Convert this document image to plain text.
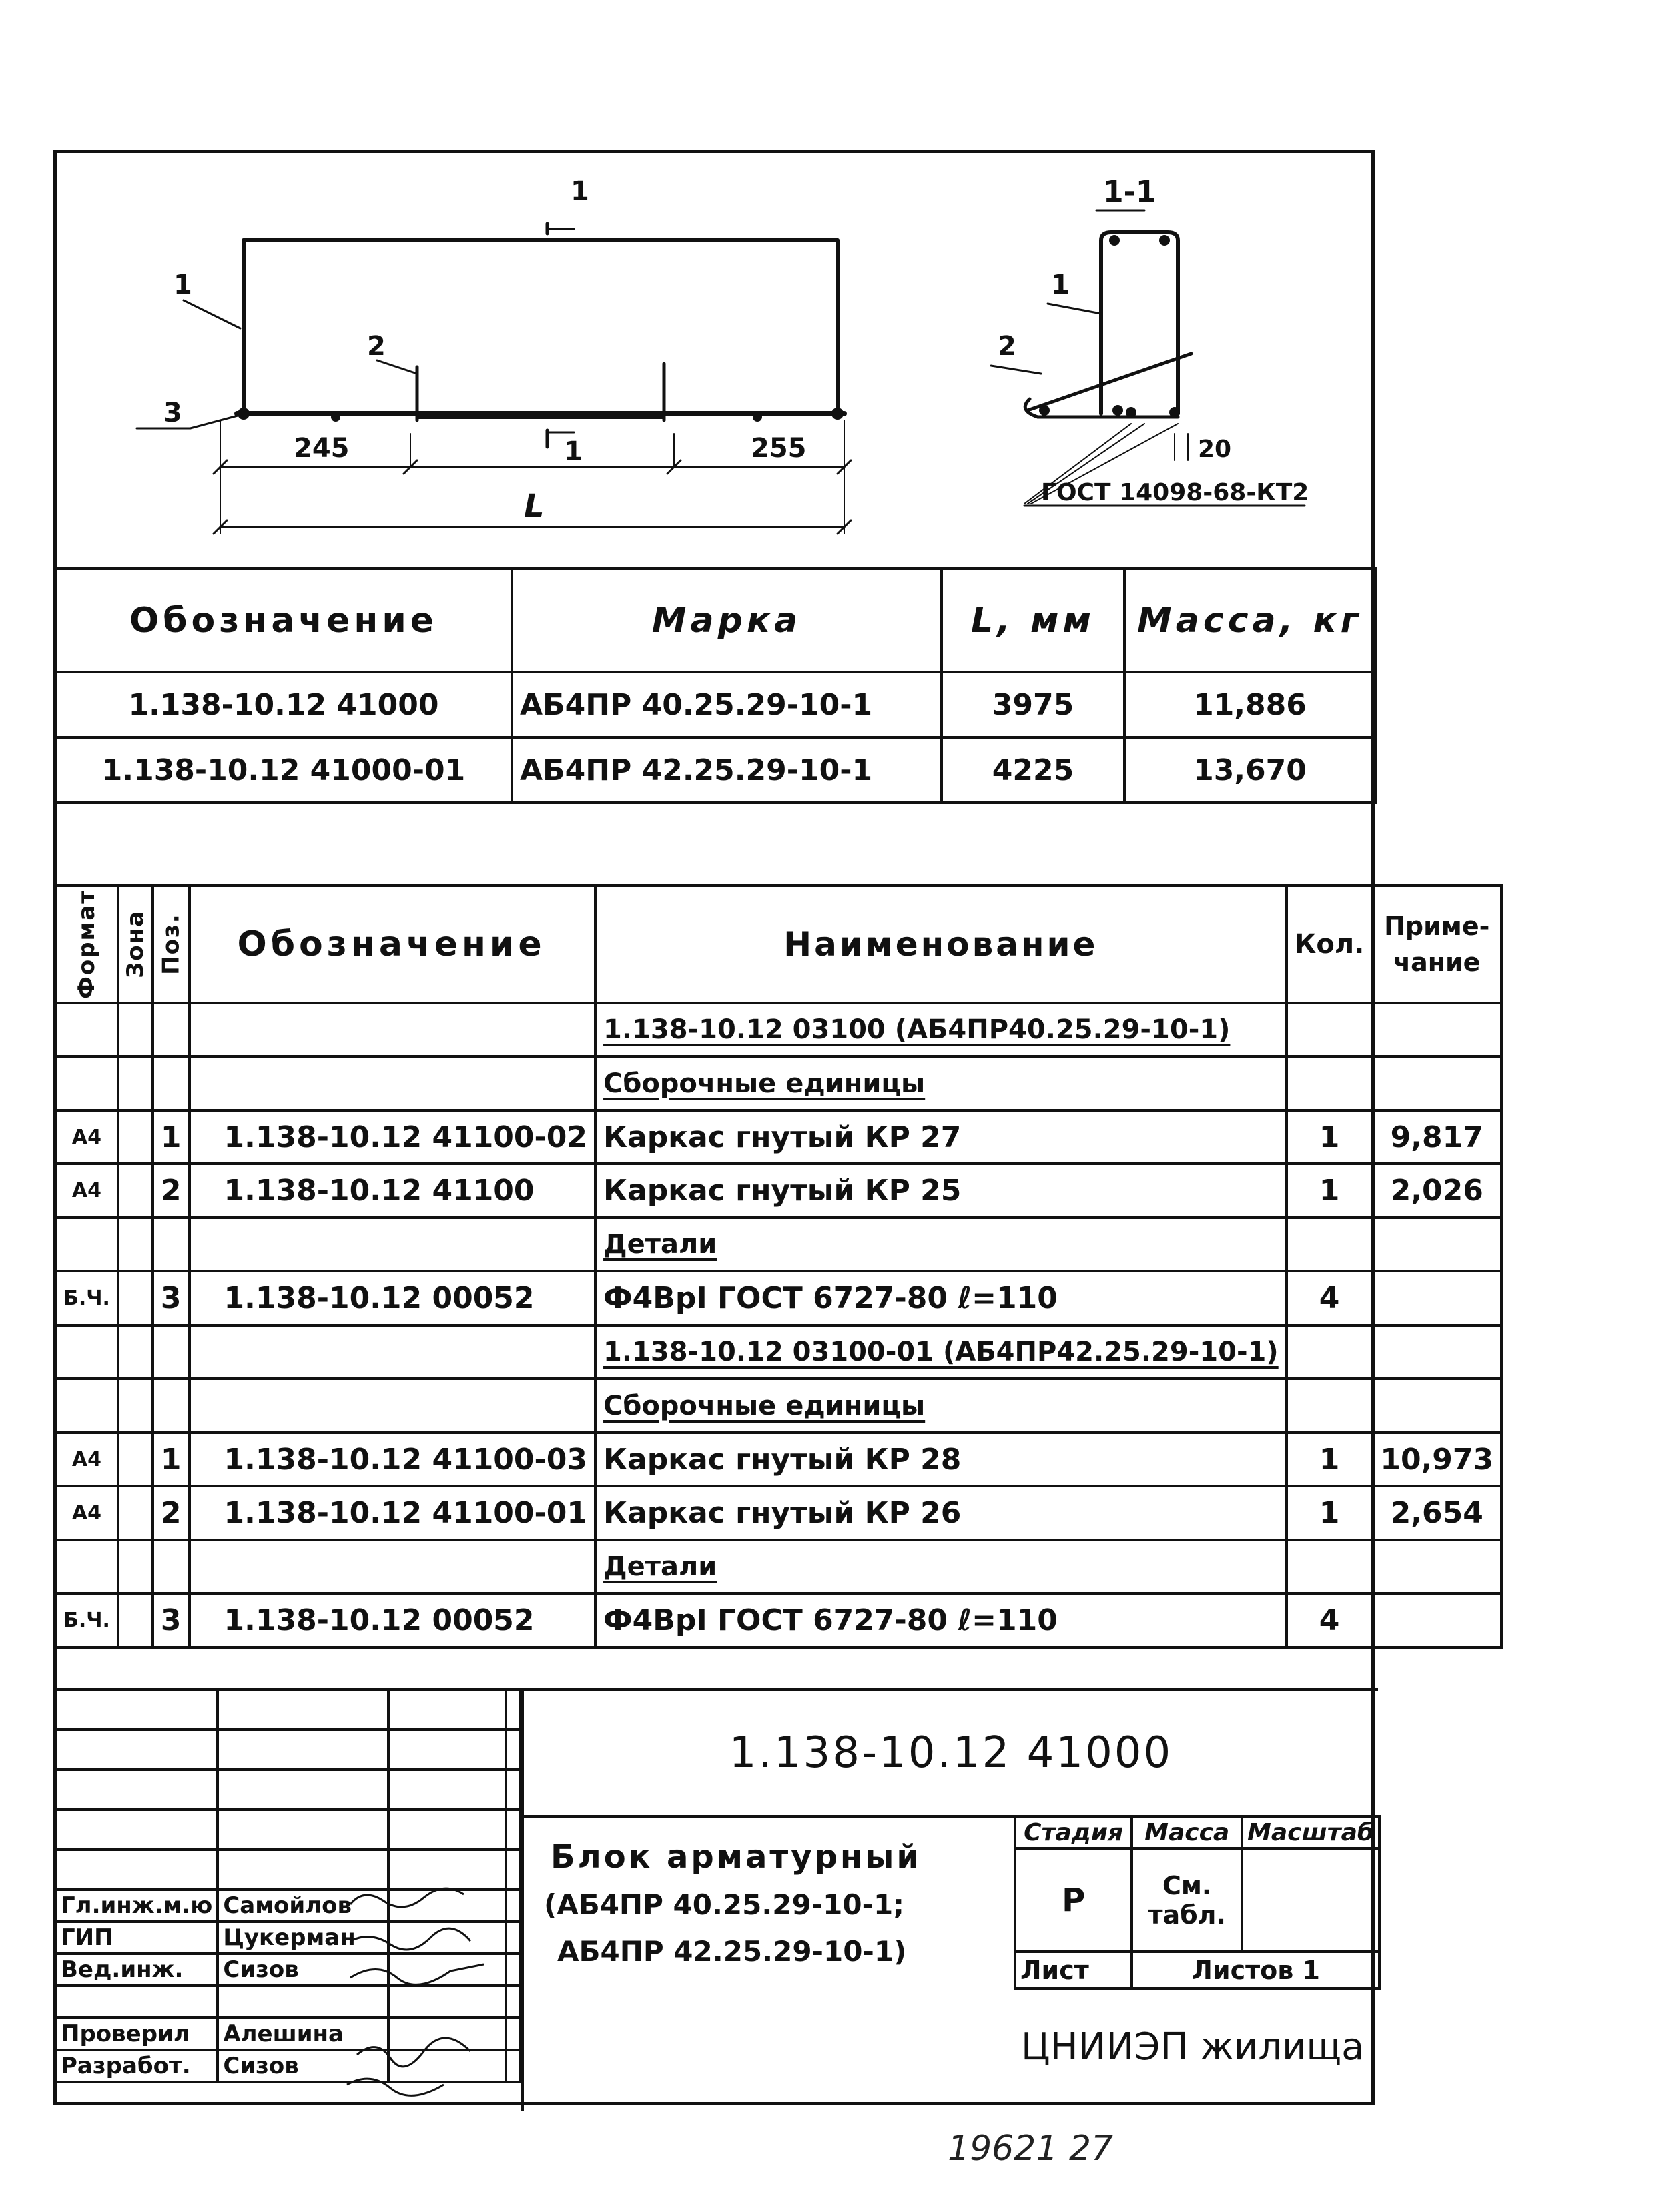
1
1
1-1
1
2
3
1
2
245	255
L
20
ГОСТ 14098-68-КТ2
Обозначение	Марка	L, мм	Масса, кг
1.138-10.12 41000	АБ4ПР 40.25.29-10-1	3975	11,886
1.138-10.12 41000-01	АБ4ПР 42.25.29-10-1	4225	13,670
Формат	Зона	Поз.	Обозначение	Наименование	Кол.	Приме-чание
				1.138-10.12 03100 (АБ4ПР40.25.29-10-1)		
				Сборочные единицы		
А4		1	1.138-10.12 41100-02	Каркас гнутый КР 27	1	9,817
А4		2	1.138-10.12 41100	Каркас гнутый КР 25	1	2,026
				Детали		
Б.Ч.		3	1.138-10.12 00052	Ф4ВрI ГОСТ 6727-80 ℓ=110	4	
				1.138-10.12 03100-01 (АБ4ПР42.25.29-10-1)		
				Сборочные единицы		
А4		1	1.138-10.12 41100-03	Каркас гнутый КР 28	1	10,973
А4		2	1.138-10.12 41100-01	Каркас гнутый КР 26	1	2,654
				Детали		
Б.Ч.		3	1.138-10.12 00052	Ф4ВрI ГОСТ 6727-80 ℓ=110	4	

Гл.инж.м.ю	Самойлов		
ГИП	Цукерман		
Вед.инж.	Сизов		

Проверил	Алешина		
Разработ.	Сизов		
1.138-10.12 41000
Блок арматурный
(АБ4ПР 40.25.29-10-1;
АБ4ПР 42.25.29-10-1)
Стадия	Масса	Масштаб
Р	См. табл.	
Лист	Листов 1	
ЦНИИЭП жилища
19621 27
